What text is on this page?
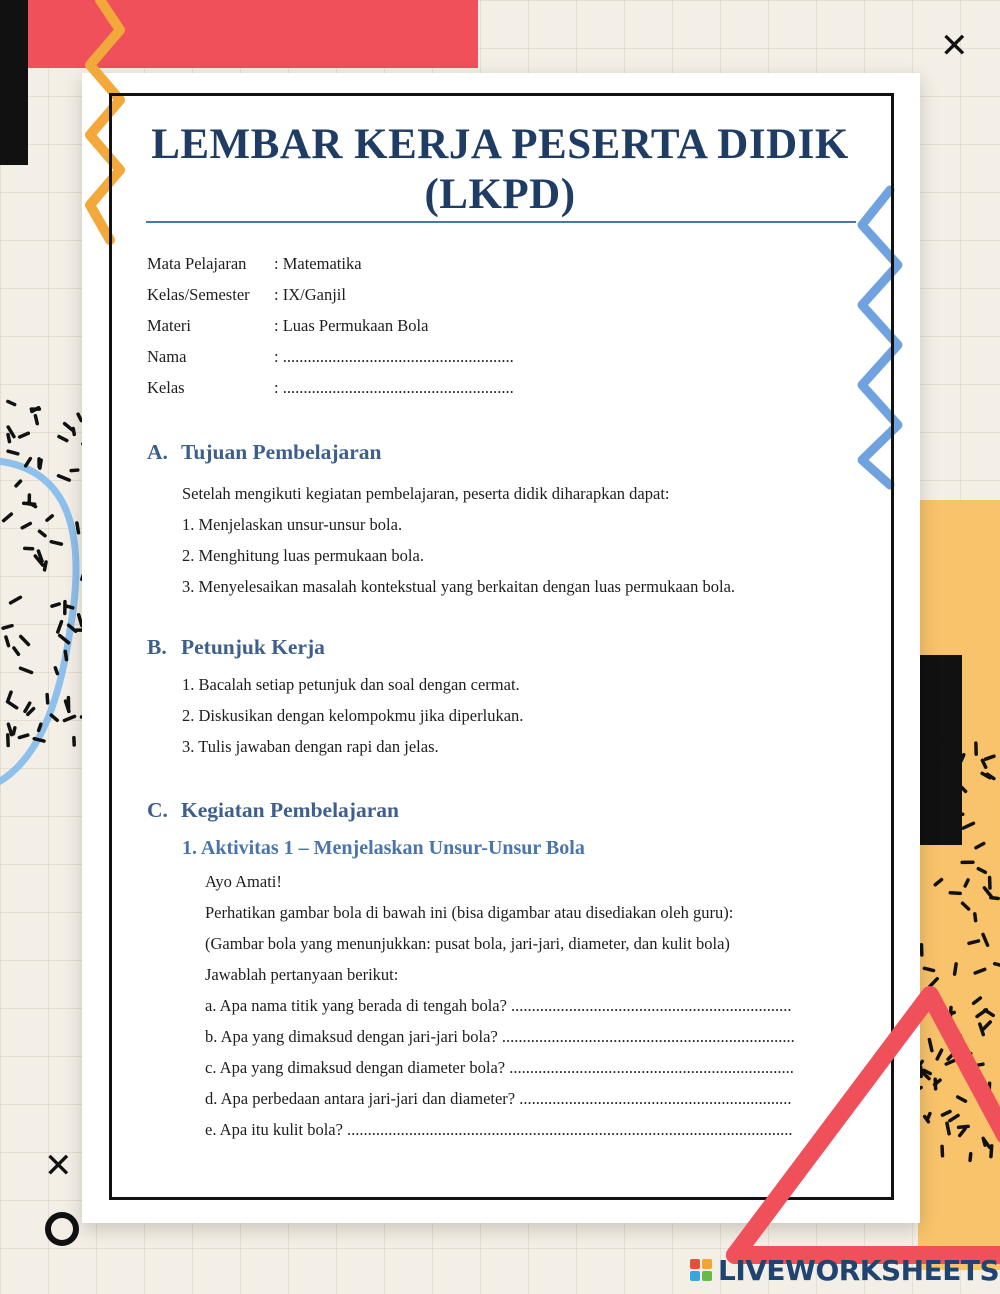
LEMBAR KERJA PESERTA DIDIK
(LKPD)
Mata Pelajaran	: Matematika
Kelas/Semester	: IX/Ganjil
Materi	: Luas Permukaan Bola
Nama	: ........................................................
Kelas	: ........................................................
A. Tujuan Pembelajaran
Setelah mengikuti kegiatan pembelajaran, peserta didik diharapkan dapat:
1. Menjelaskan unsur-unsur bola.
2. Menghitung luas permukaan bola.
3. Menyelesaikan masalah kontekstual yang berkaitan dengan luas permukaan bola.
B. Petunjuk Kerja
1. Bacalah setiap petunjuk dan soal dengan cermat.
2. Diskusikan dengan kelompokmu jika diperlukan.
3. Tulis jawaban dengan rapi dan jelas.
C. Kegiatan Pembelajaran
1. Aktivitas 1 – Menjelaskan Unsur-Unsur Bola
Ayo Amati!
Perhatikan gambar bola di bawah ini (bisa digambar atau disediakan oleh guru):
(Gambar bola yang menunjukkan: pusat bola, jari-jari, diameter, dan kulit bola)
Jawablah pertanyaan berikut:
a. Apa nama titik yang berada di tengah bola? ....................................................................
b. Apa yang dimaksud dengan jari-jari bola? .......................................................................
c. Apa yang dimaksud dengan diameter bola? .....................................................................
d. Apa perbedaan antara jari-jari dan diameter? ..................................................................
e. Apa itu kulit bola? ............................................................................................................
✕
✕
LIVEWORKSHEETS
